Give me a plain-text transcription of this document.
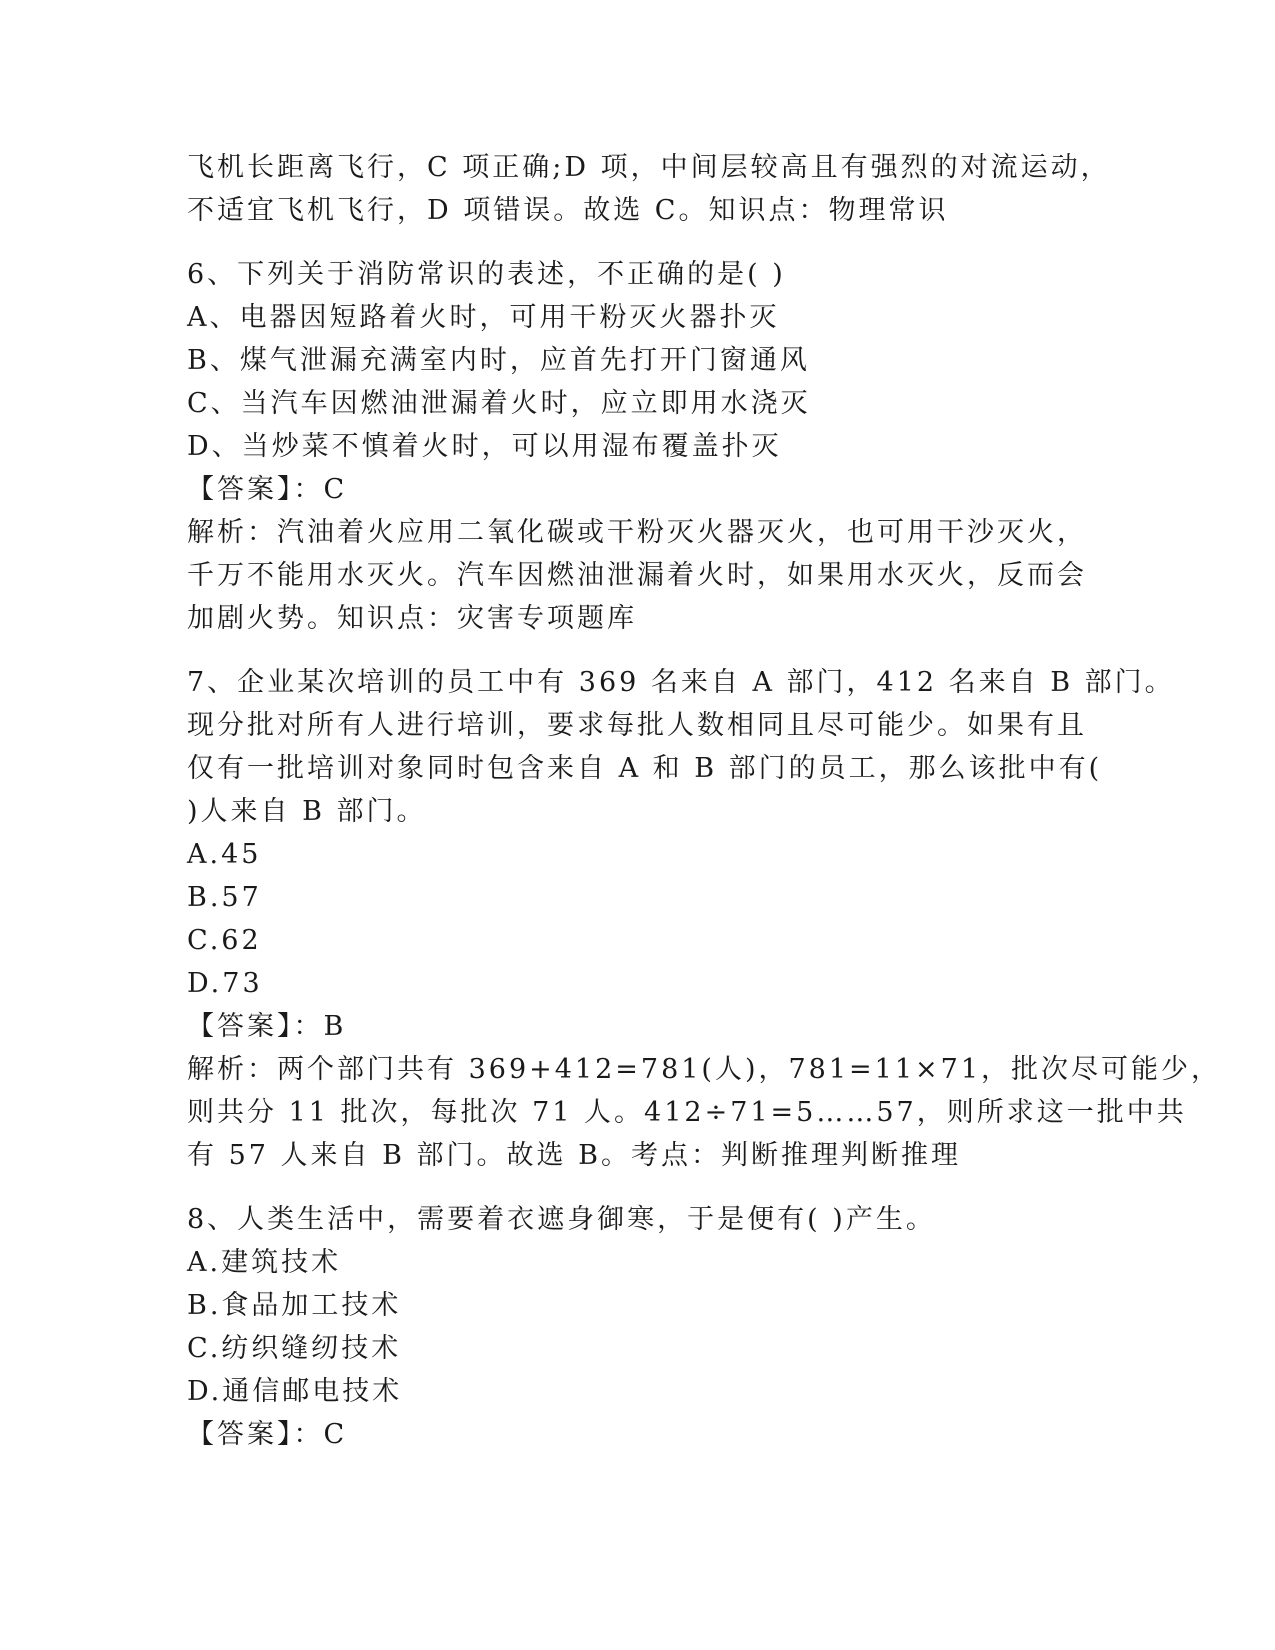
飞机长距离飞行，C 项正确;D 项，中间层较高且有强烈的对流运动，
不适宜飞机飞行，D 项错误。故选 C。知识点：物理常识
6、下列关于消防常识的表述，不正确的是( )
A、电器因短路着火时，可用干粉灭火器扑灭
B、煤气泄漏充满室内时，应首先打开门窗通风
C、当汽车因燃油泄漏着火时，应立即用水浇灭
D、当炒菜不慎着火时，可以用湿布覆盖扑灭
【答案】：C
解析：汽油着火应用二氧化碳或干粉灭火器灭火，也可用干沙灭火，
千万不能用水灭火。汽车因燃油泄漏着火时，如果用水灭火，反而会
加剧火势。知识点：灾害专项题库
7、企业某次培训的员工中有 369 名来自 A 部门，412 名来自 B 部门。
现分批对所有人进行培训，要求每批人数相同且尽可能少。如果有且
仅有一批培训对象同时包含来自 A 和 B 部门的员工，那么该批中有(
)人来自 B 部门。
A.45
B.57
C.62
D.73
【答案】：B
解析：两个部门共有 369+412=781(人)，781=11×71，批次尽可能少，
则共分 11 批次，每批次 71 人。412÷71=5……57，则所求这一批中共
有 57 人来自 B 部门。故选 B。考点：判断推理判断推理
8、人类生活中，需要着衣遮身御寒，于是便有( )产生。
A.建筑技术
B.食品加工技术
C.纺织缝纫技术
D.通信邮电技术
【答案】：C
